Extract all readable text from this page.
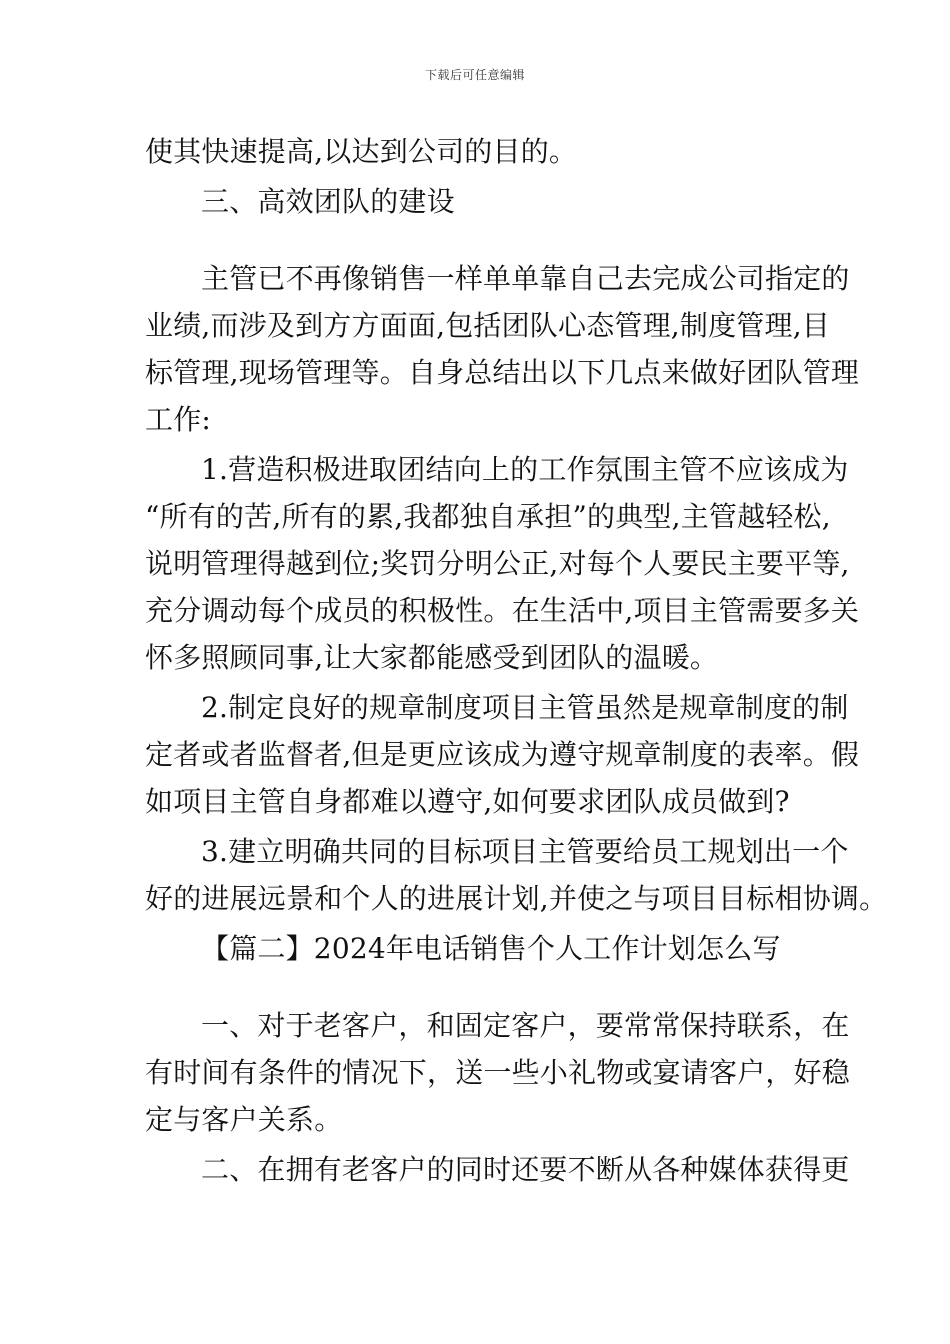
下载后可任意编辑
使其快速提高,以达到公司的目的。
三、高效团队的建设
主管已不再像销售一样单单靠自己去完成公司指定的
业绩,而涉及到方方面面,包括团队心态管理,制度管理,目
标管理,现场管理等。自身总结出以下几点来做好团队管理
工作:
1.营造积极进取团结向上的工作氛围主管不应该成为
“所有的苦,所有的累,我都独自承担”的典型,主管越轻松,
说明管理得越到位;奖罚分明公正,对每个人要民主要平等,
充分调动每个成员的积极性。在生活中,项目主管需要多关
怀多照顾同事,让大家都能感受到团队的温暖。
2.制定良好的规章制度项目主管虽然是规章制度的制
定者或者监督者,但是更应该成为遵守规章制度的表率。假
如项目主管自身都难以遵守,如何要求团队成员做到?
3.建立明确共同的目标项目主管要给员工规划出一个
好的进展远景和个人的进展计划,并使之与项目目标相协调。
【篇二】2024年电话销售个人工作计划怎么写
一、对于老客户，和固定客户，要常常保持联系，在
有时间有条件的情况下，送一些小礼物或宴请客户，好稳
定与客户关系。
二、在拥有老客户的同时还要不断从各种媒体获得更
